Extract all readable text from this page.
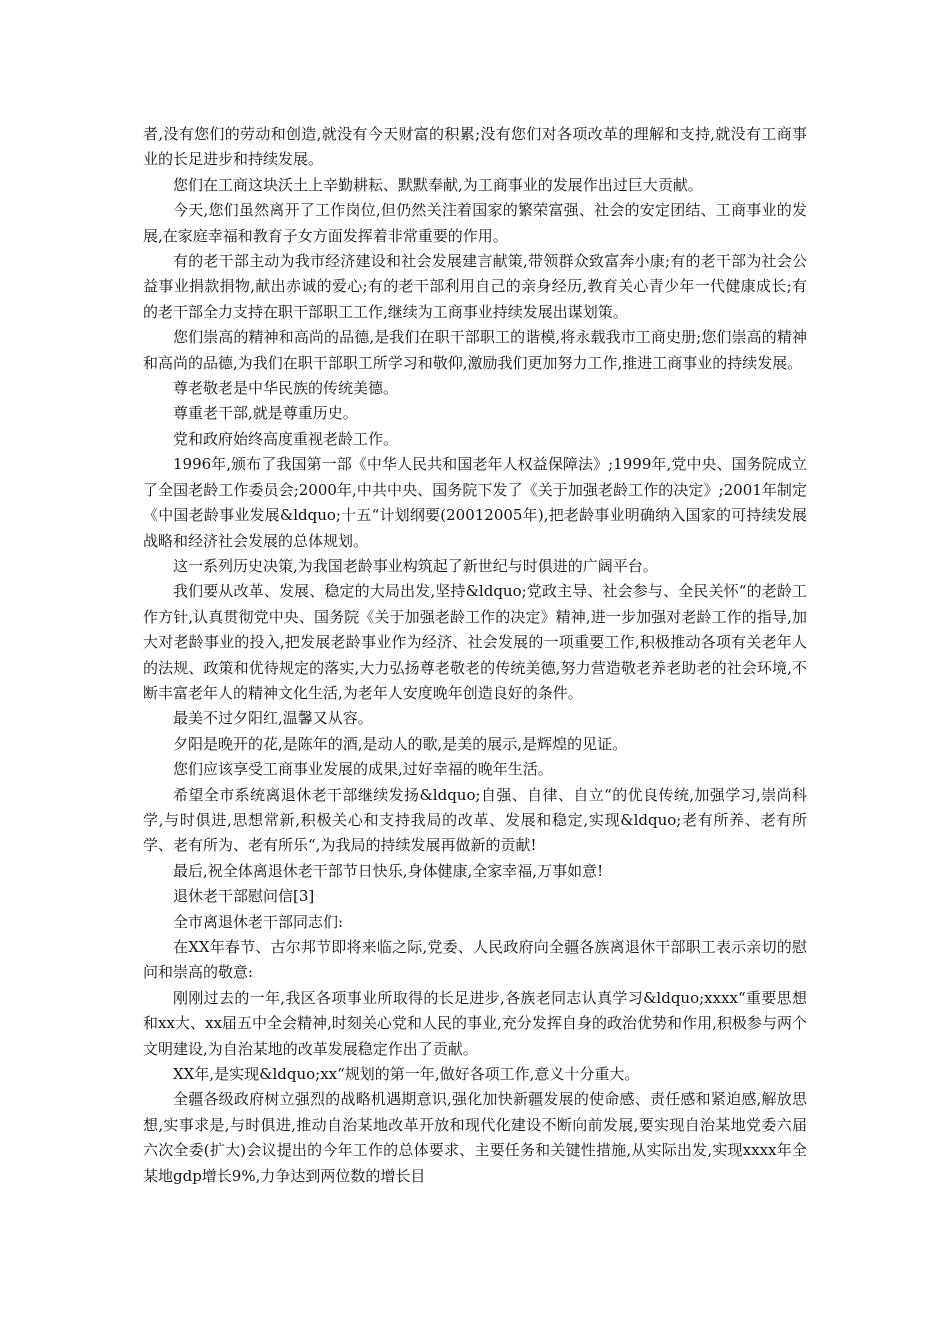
者,没有您们的劳动和创造,就没有今天财富的积累;没有您们对各项改革的理解和支持,就没有工商事业的长足进步和持续发展。

您们在工商这块沃土上辛勤耕耘、默默奉献,为工商事业的发展作出过巨大贡献。

今天,您们虽然离开了工作岗位,但仍然关注着国家的繁荣富强、社会的安定团结、工商事业的发展,在家庭幸福和教育子女方面发挥着非常重要的作用。

有的老干部主动为我市经济建设和社会发展建言献策,带领群众致富奔小康;有的老干部为社会公益事业捐款捐物,献出赤诚的爱心;有的老干部利用自己的亲身经历,教育关心青少年一代健康成长;有的老干部全力支持在职干部职工工作,继续为工商事业持续发展出谋划策。

您们崇高的精神和高尚的品德,是我们在职干部职工的谐模,将永载我市工商史册;您们崇高的精神和高尚的品德,为我们在职干部职工所学习和敬仰,激励我们更加努力工作,推进工商事业的持续发展。

尊老敬老是中华民族的传统美德。

尊重老干部,就是尊重历史。

党和政府始终高度重视老龄工作。

1996年,颁布了我国第一部《中华人民共和国老年人权益保障法》;1999年,党中央、国务院成立了全国老龄工作委员会;2000年,中共中央、国务院下发了《关于加强老龄工作的决定》;2001年制定《中国老龄事业发展&ldquo;十五“计划纲要(20012005年),把老龄事业明确纳入国家的可持续发展战略和经济社会发展的总体规划。

这一系列历史决策,为我国老龄事业构筑起了新世纪与时俱进的广阔平台。

我们要从改革、发展、稳定的大局出发,坚持&ldquo;党政主导、社会参与、全民关怀“的老龄工作方针,认真贯彻党中央、国务院《关于加强老龄工作的决定》精神,进一步加强对老龄工作的指导,加大对老龄事业的投入,把发展老龄事业作为经济、社会发展的一项重要工作,积极推动各项有关老年人的法规、政策和优待规定的落实,大力弘扬尊老敬老的传统美德,努力营造敬老养老助老的社会环境,不断丰富老年人的精神文化生活,为老年人安度晚年创造良好的条件。

最美不过夕阳红,温馨又从容。

夕阳是晚开的花,是陈年的酒,是动人的歌,是美的展示,是辉煌的见证。

您们应该享受工商事业发展的成果,过好幸福的晚年生活。

希望全市系统离退休老干部继续发扬&ldquo;自强、自律、自立“的优良传统,加强学习,崇尚科学,与时俱进,思想常新,积极关心和支持我局的改革、发展和稳定,实现&ldquo;老有所养、老有所学、老有所为、老有所乐“,为我局的持续发展再做新的贡献!

最后,祝全体离退休老干部节日快乐,身体健康,全家幸福,万事如意!

退休老干部慰问信[3]

全市离退休老干部同志们:

在XX年春节、古尔邦节即将来临之际,党委、人民政府向全疆各族离退休干部职工表示亲切的慰问和崇高的敬意:

刚刚过去的一年,我区各项事业所取得的长足进步,各族老同志认真学习&ldquo;xxxx“重要思想和xx大、xx届五中全会精神,时刻关心党和人民的事业,充分发挥自身的政治优势和作用,积极参与两个文明建设,为自治某地的改革发展稳定作出了贡献。

XX年,是实现&ldquo;xx“规划的第一年,做好各项工作,意义十分重大。

全疆各级政府树立强烈的战略机遇期意识,强化加快新疆发展的使命感、责任感和紧迫感,解放思想,实事求是,与时俱进,推动自治某地改革开放和现代化建设不断向前发展,要实现自治某地党委六届六次全委(扩大)会议提出的今年工作的总体要求、主要任务和关键性措施,从实际出发,实现xxxx年全某地gdp增长9%,力争达到两位数的增长目
